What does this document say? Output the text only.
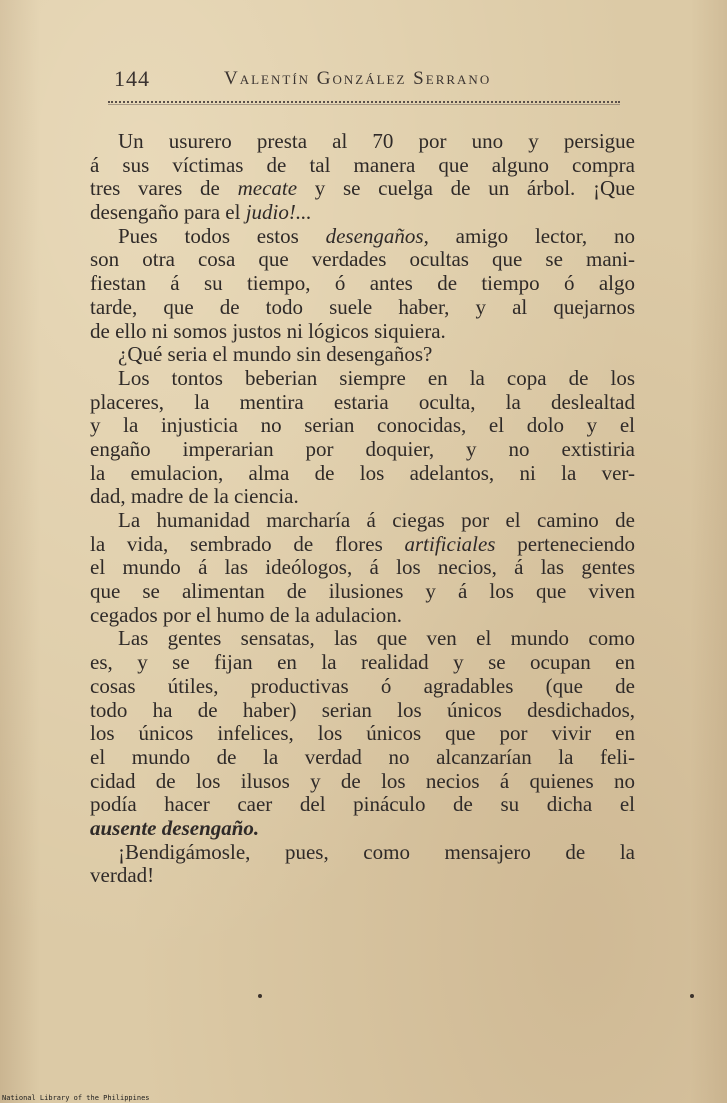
144	Valentín González Serrano
Un usurero presta al 70 por uno y persigue
á sus víctimas de tal manera que alguno compra
tres vares de mecate y se cuelga de un árbol. ¡Que
desengaño para el judio!...
Pues todos estos desengaños, amigo lector, no
son otra cosa que verdades ocultas que se mani-
fiestan á su tiempo, ó antes de tiempo ó algo
tarde, que de todo suele haber, y al quejarnos
de ello ni somos justos ni lógicos siquiera.
¿Qué seria el mundo sin desengaños?
Los tontos beberian siempre en la copa de los
placeres, la mentira estaria oculta, la deslealtad
y la injusticia no serian conocidas, el dolo y el
engaño imperarian por doquier, y no extistiria
la emulacion, alma de los adelantos, ni la ver-
dad, madre de la ciencia.
La humanidad marcharía á ciegas por el camino de
la vida, sembrado de flores artificiales perteneciendo
el mundo á las ideólogos, á los necios, á las gentes
que se alimentan de ilusiones y á los que viven
cegados por el humo de la adulacion.
Las gentes sensatas, las que ven el mundo como
es, y se fijan en la realidad y se ocupan en
cosas útiles, productivas ó agradables (que de
todo ha de haber) serian los únicos desdichados,
los únicos infelices, los únicos que por vivir en
el mundo de la verdad no alcanzarían la feli-
cidad de los ilusos y de los necios á quienes no
podía hacer caer del pináculo de su dicha el
ausente desengaño.
¡Bendigámosle, pues, como mensajero de la
verdad!
National Library of the Philippines
